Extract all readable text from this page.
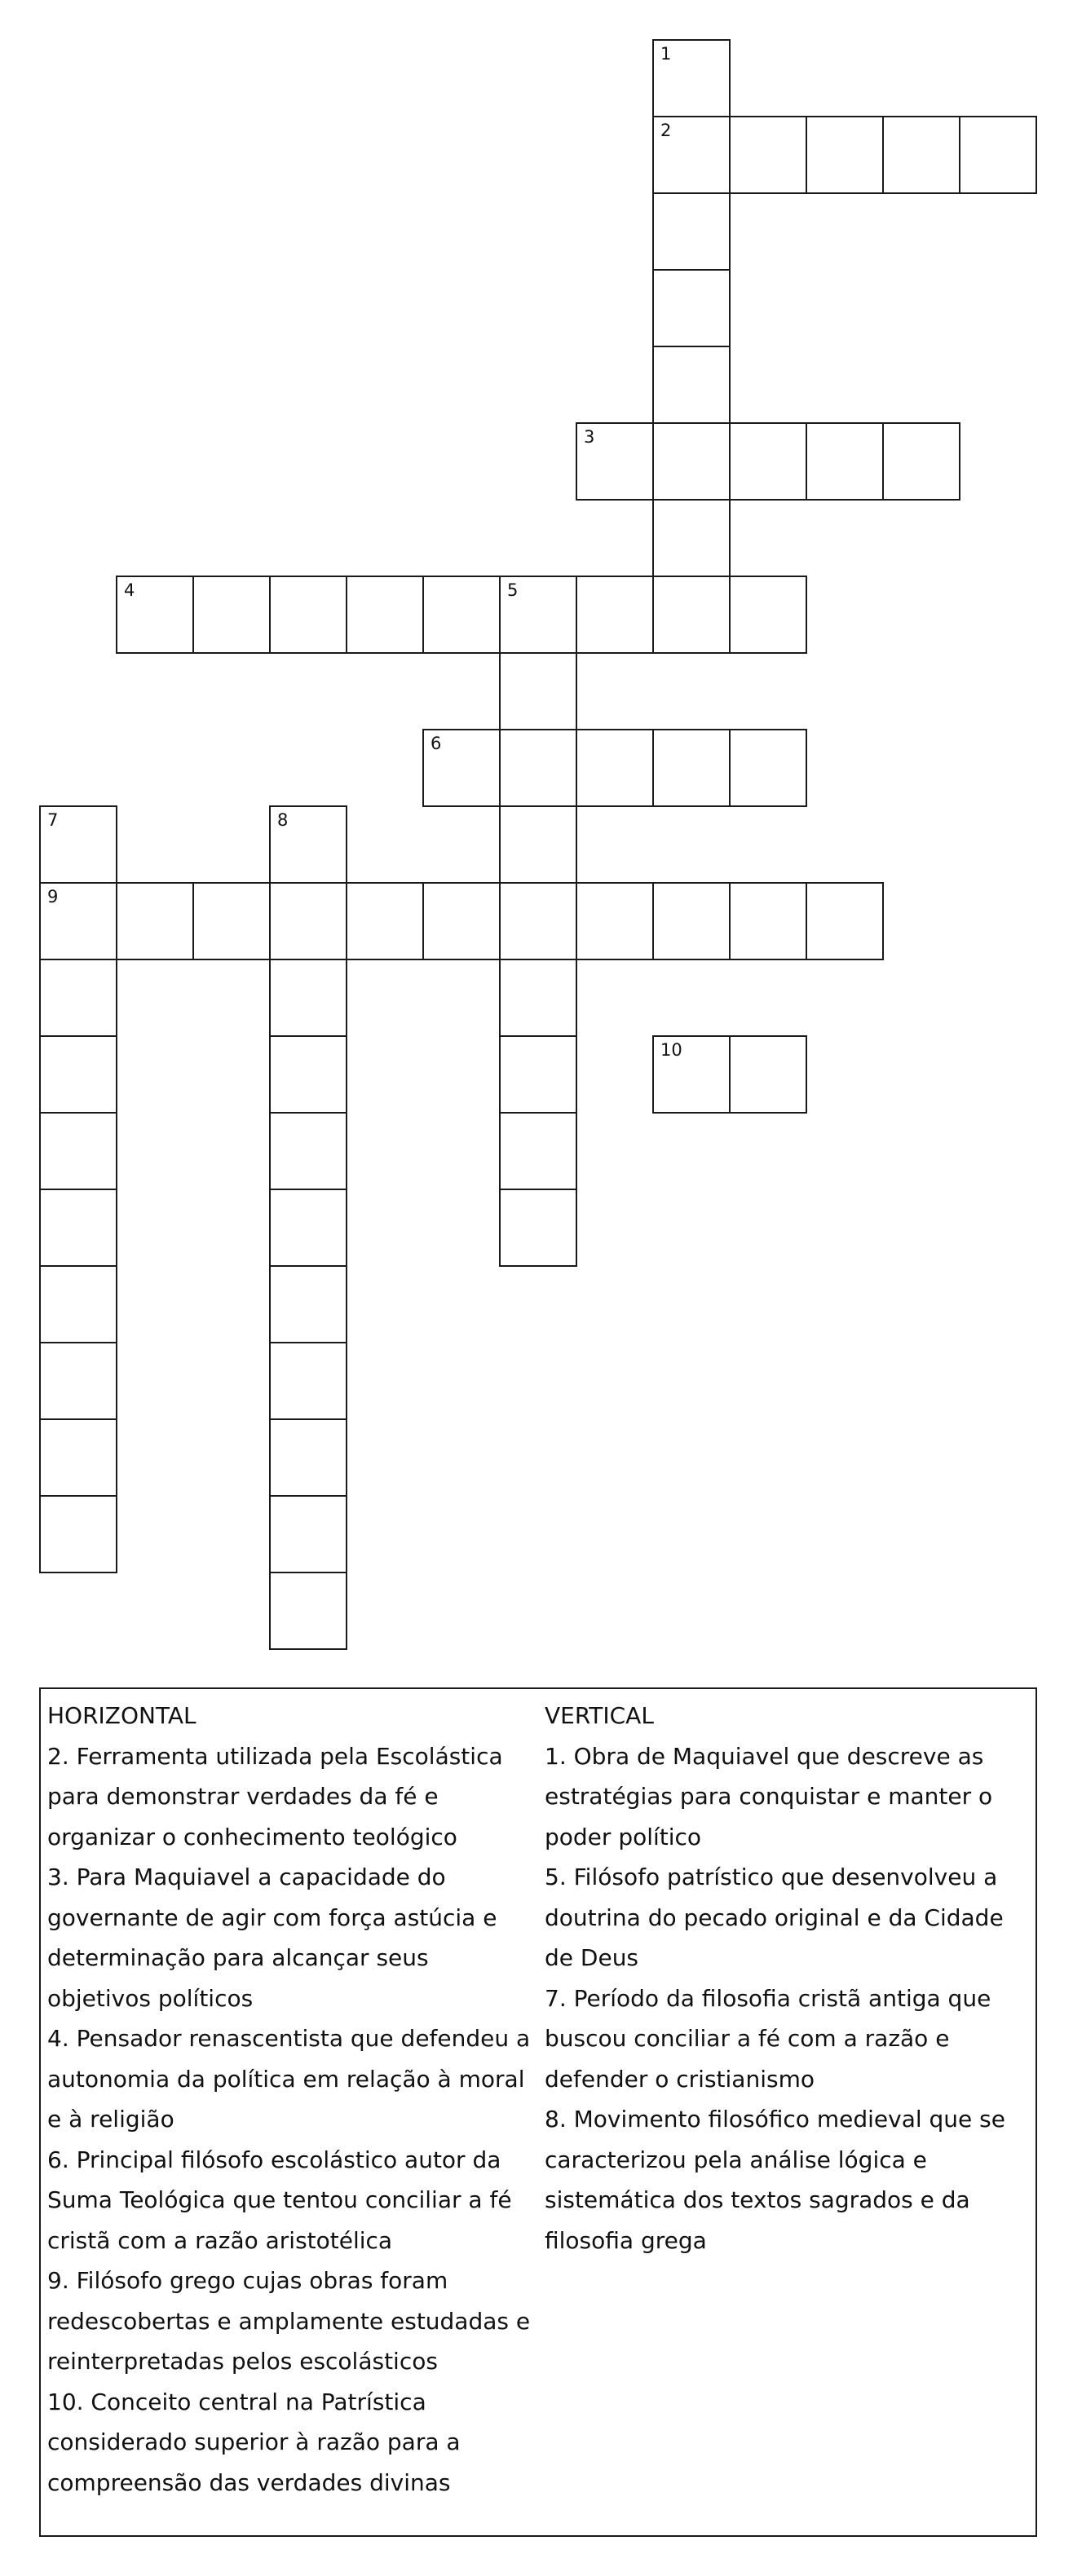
1
2
3
4	5
6
7
9
8
10

HORIZONTAL

2. Ferramenta utilizada pela Escolástica para demonstrar verdades da fé e organizar o conhecimento teológico

3. Para Maquiavel a capacidade do governante de agir com força astúcia e determinação para alcançar seus objetivos políticos

4. Pensador renascentista que defendeu a autonomia da política em relação à moral e à religião

6. Principal filósofo escolástico autor da Suma Teológica que tentou conciliar a fé cristã com a razão aristotélica

9. Filósofo grego cujas obras foram redescobertas e amplamente estudadas e reinterpretadas pelos escolásticos

10. Conceito central na Patrística considerado superior à razão para a compreensão das verdades divinas

VERTICAL

1. Obra de Maquiavel que descreve as estratégias para conquistar e manter o poder político

5. Filósofo patrístico que desenvolveu a doutrina do pecado original e da Cidade de Deus

7. Período da filosofia cristã antiga que buscou conciliar a fé com a razão e defender o cristianismo

8. Movimento filosófico medieval que se caracterizou pela análise lógica e sistemática dos textos sagrados e da filosofia grega
